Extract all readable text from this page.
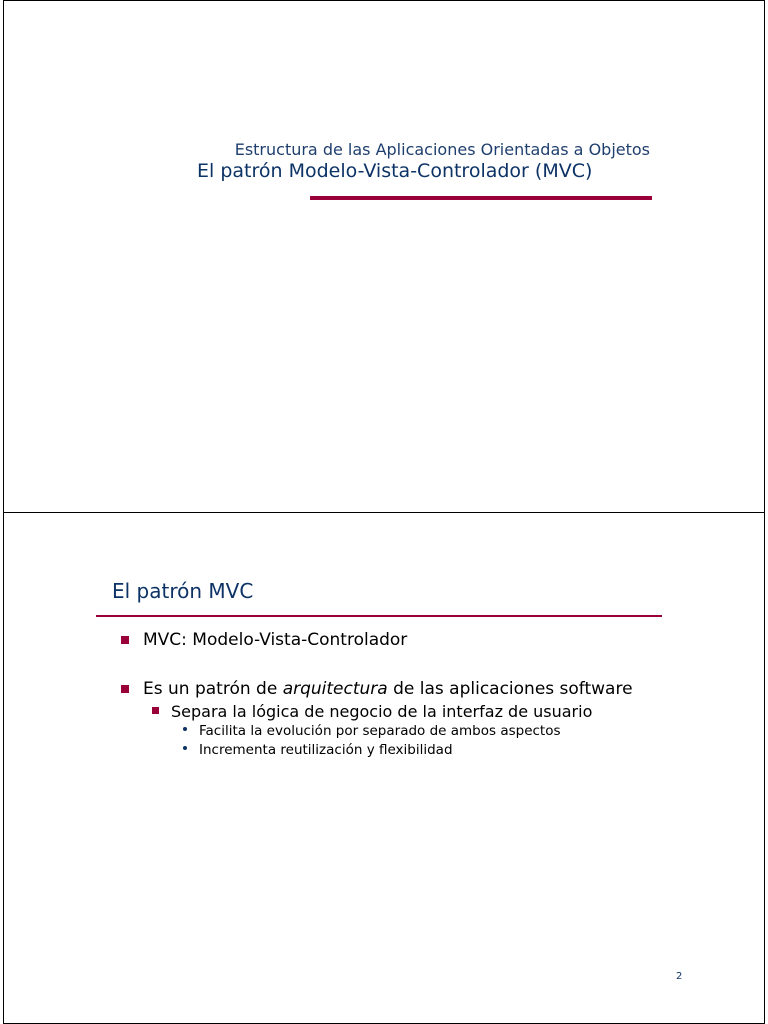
Estructura de las Aplicaciones Orientadas a Objetos
El patrón Modelo-Vista-Controlador (MVC)
El patrón MVC
MVC: Modelo-Vista-Controlador
Es un patrón de arquitectura de las aplicaciones software
Separa la lógica de negocio de la interfaz de usuario
Facilita la evolución por separado de ambos aspectos
Incrementa reutilización y flexibilidad
2
